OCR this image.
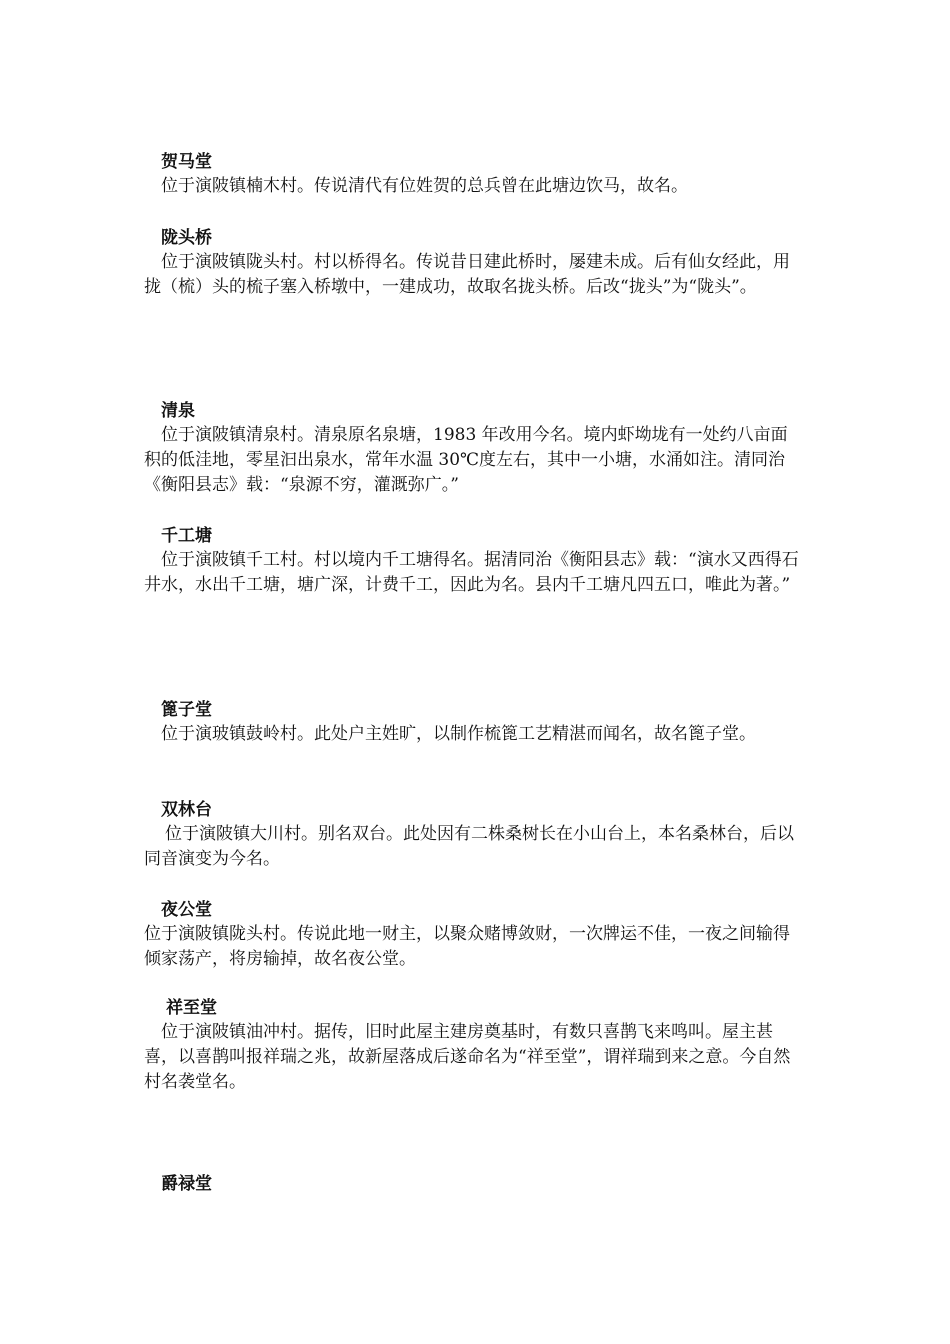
贺马堂

位于演陂镇楠木村。传说清代有位姓贺的总兵曾在此塘边饮马，故名。

陇头桥

位于演陂镇陇头村。村以桥得名。传说昔日建此桥时，屡建未成。后有仙女经此，用拢（梳）头的梳子塞入桥墩中，一建成功，故取名拢头桥。后改“拢头”为“陇头”。

清泉

位于演陂镇清泉村。清泉原名泉塘，1983 年改用今名。境内虾坳垅有一处约八亩面积的低洼地，零星汩出泉水，常年水温 30℃度左右，其中一小塘，水涌如注。清同治《衡阳县志》载：“泉源不穷，灌溉弥广。”

千工塘

位于演陂镇千工村。村以境内千工塘得名。据清同治《衡阳县志》载：“演水又西得石井水，水出千工塘，塘广深，计费千工，因此为名。县内千工塘凡四五口，唯此为著。”

篦子堂

位于演玻镇鼓岭村。此处户主姓旷，以制作梳篦工艺精湛而闻名，故名篦子堂。

双林台

位于演陂镇大川村。别名双台。此处因有二株桑树长在小山台上，本名桑林台，后以同音演变为今名。

夜公堂

位于演陂镇陇头村。传说此地一财主，以聚众赌博敛财，一次牌运不佳，一夜之间输得倾家荡产，将房输掉，故名夜公堂。

祥至堂

位于演陂镇油冲村。据传，旧时此屋主建房奠基时，有数只喜鹊飞来鸣叫。屋主甚喜，以喜鹊叫报祥瑞之兆，故新屋落成后遂命名为“祥至堂”，谓祥瑞到来之意。今自然村名袭堂名。

爵禄堂
